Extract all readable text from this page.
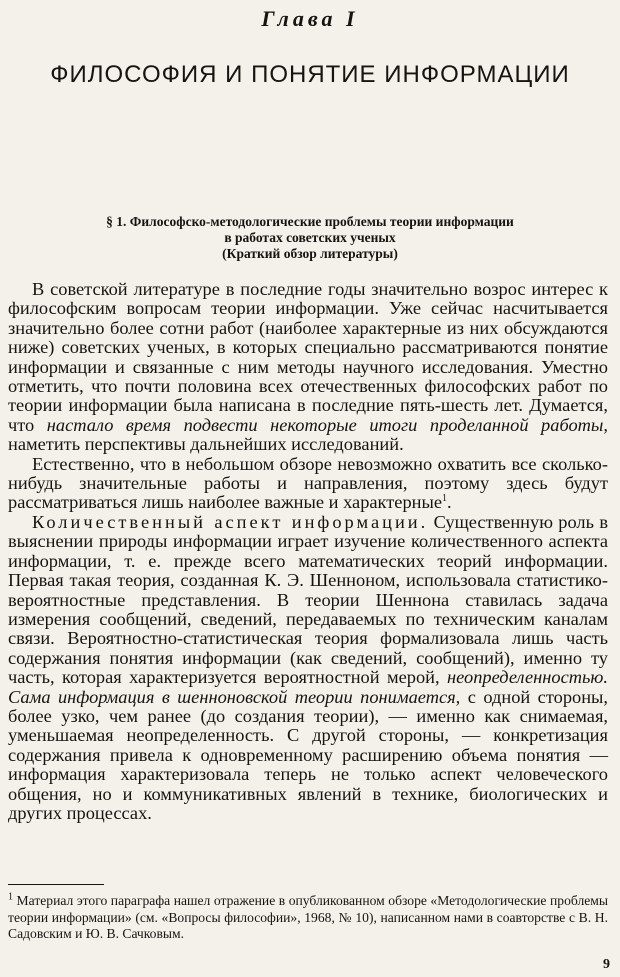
Глава I
ФИЛОСОФИЯ И ПОНЯТИЕ ИНФОРМАЦИИ
§ 1. Философско-методологические проблемы теории информации
в работах советских ученых
(Краткий обзор литературы)

В советской литературе в последние годы значительно возрос интерес к философским вопросам теории информации. Уже сейчас насчитывается значительно более сотни работ (наиболее характерные из них обсуждаются ниже) советских ученых, в которых специально рассматриваются понятие информации и связанные с ним методы научного исследования. Уместно отметить, что почти половина всех отечественных философских работ по теории информации была написана в последние пять-шесть лет. Думается, что настало время подвести некоторые итоги проделанной работы, наметить перспективы дальнейших исследований.

Естественно, что в небольшом обзоре невозможно охватить все сколько-нибудь значительные работы и направления, поэтому здесь будут рассматриваться лишь наиболее важные и характерные$^1$.

Количественный аспект информации. Существенную роль в выяснении природы информации играет изучение количественного аспекта информации, т. е. прежде всего математических теорий информации. Первая такая теория, созданная К. Э. Шенноном, использовала статистико-вероятностные представления. В теории Шеннона ставилась задача измерения сообщений, сведений, передаваемых по техническим каналам связи. Вероятностно-статистическая теория формализовала лишь часть содержания понятия информации (как сведений, сообщений), именно ту часть, которая характеризуется вероятностной мерой, неопределенностью. Сама информация в шенноновской теории понимается, с одной стороны, более узко, чем ранее (до создания теории), — именно как снимаемая, уменьшаемая неопределенность. С другой стороны, — конкретизация содержания привела к одновременному расширению объема понятия — информация характеризовала теперь не только аспект человеческого общения, но и коммуникативных явлений в технике, биологических и других процессах.

$^1$ Материал этого параграфа нашел отражение в опубликованном обзоре «Методологические проблемы теории информации» (см. «Вопросы философии», 1968, № 10), написанном нами в соавторстве с В. Н. Садовским и Ю. В. Сачковым.
9
